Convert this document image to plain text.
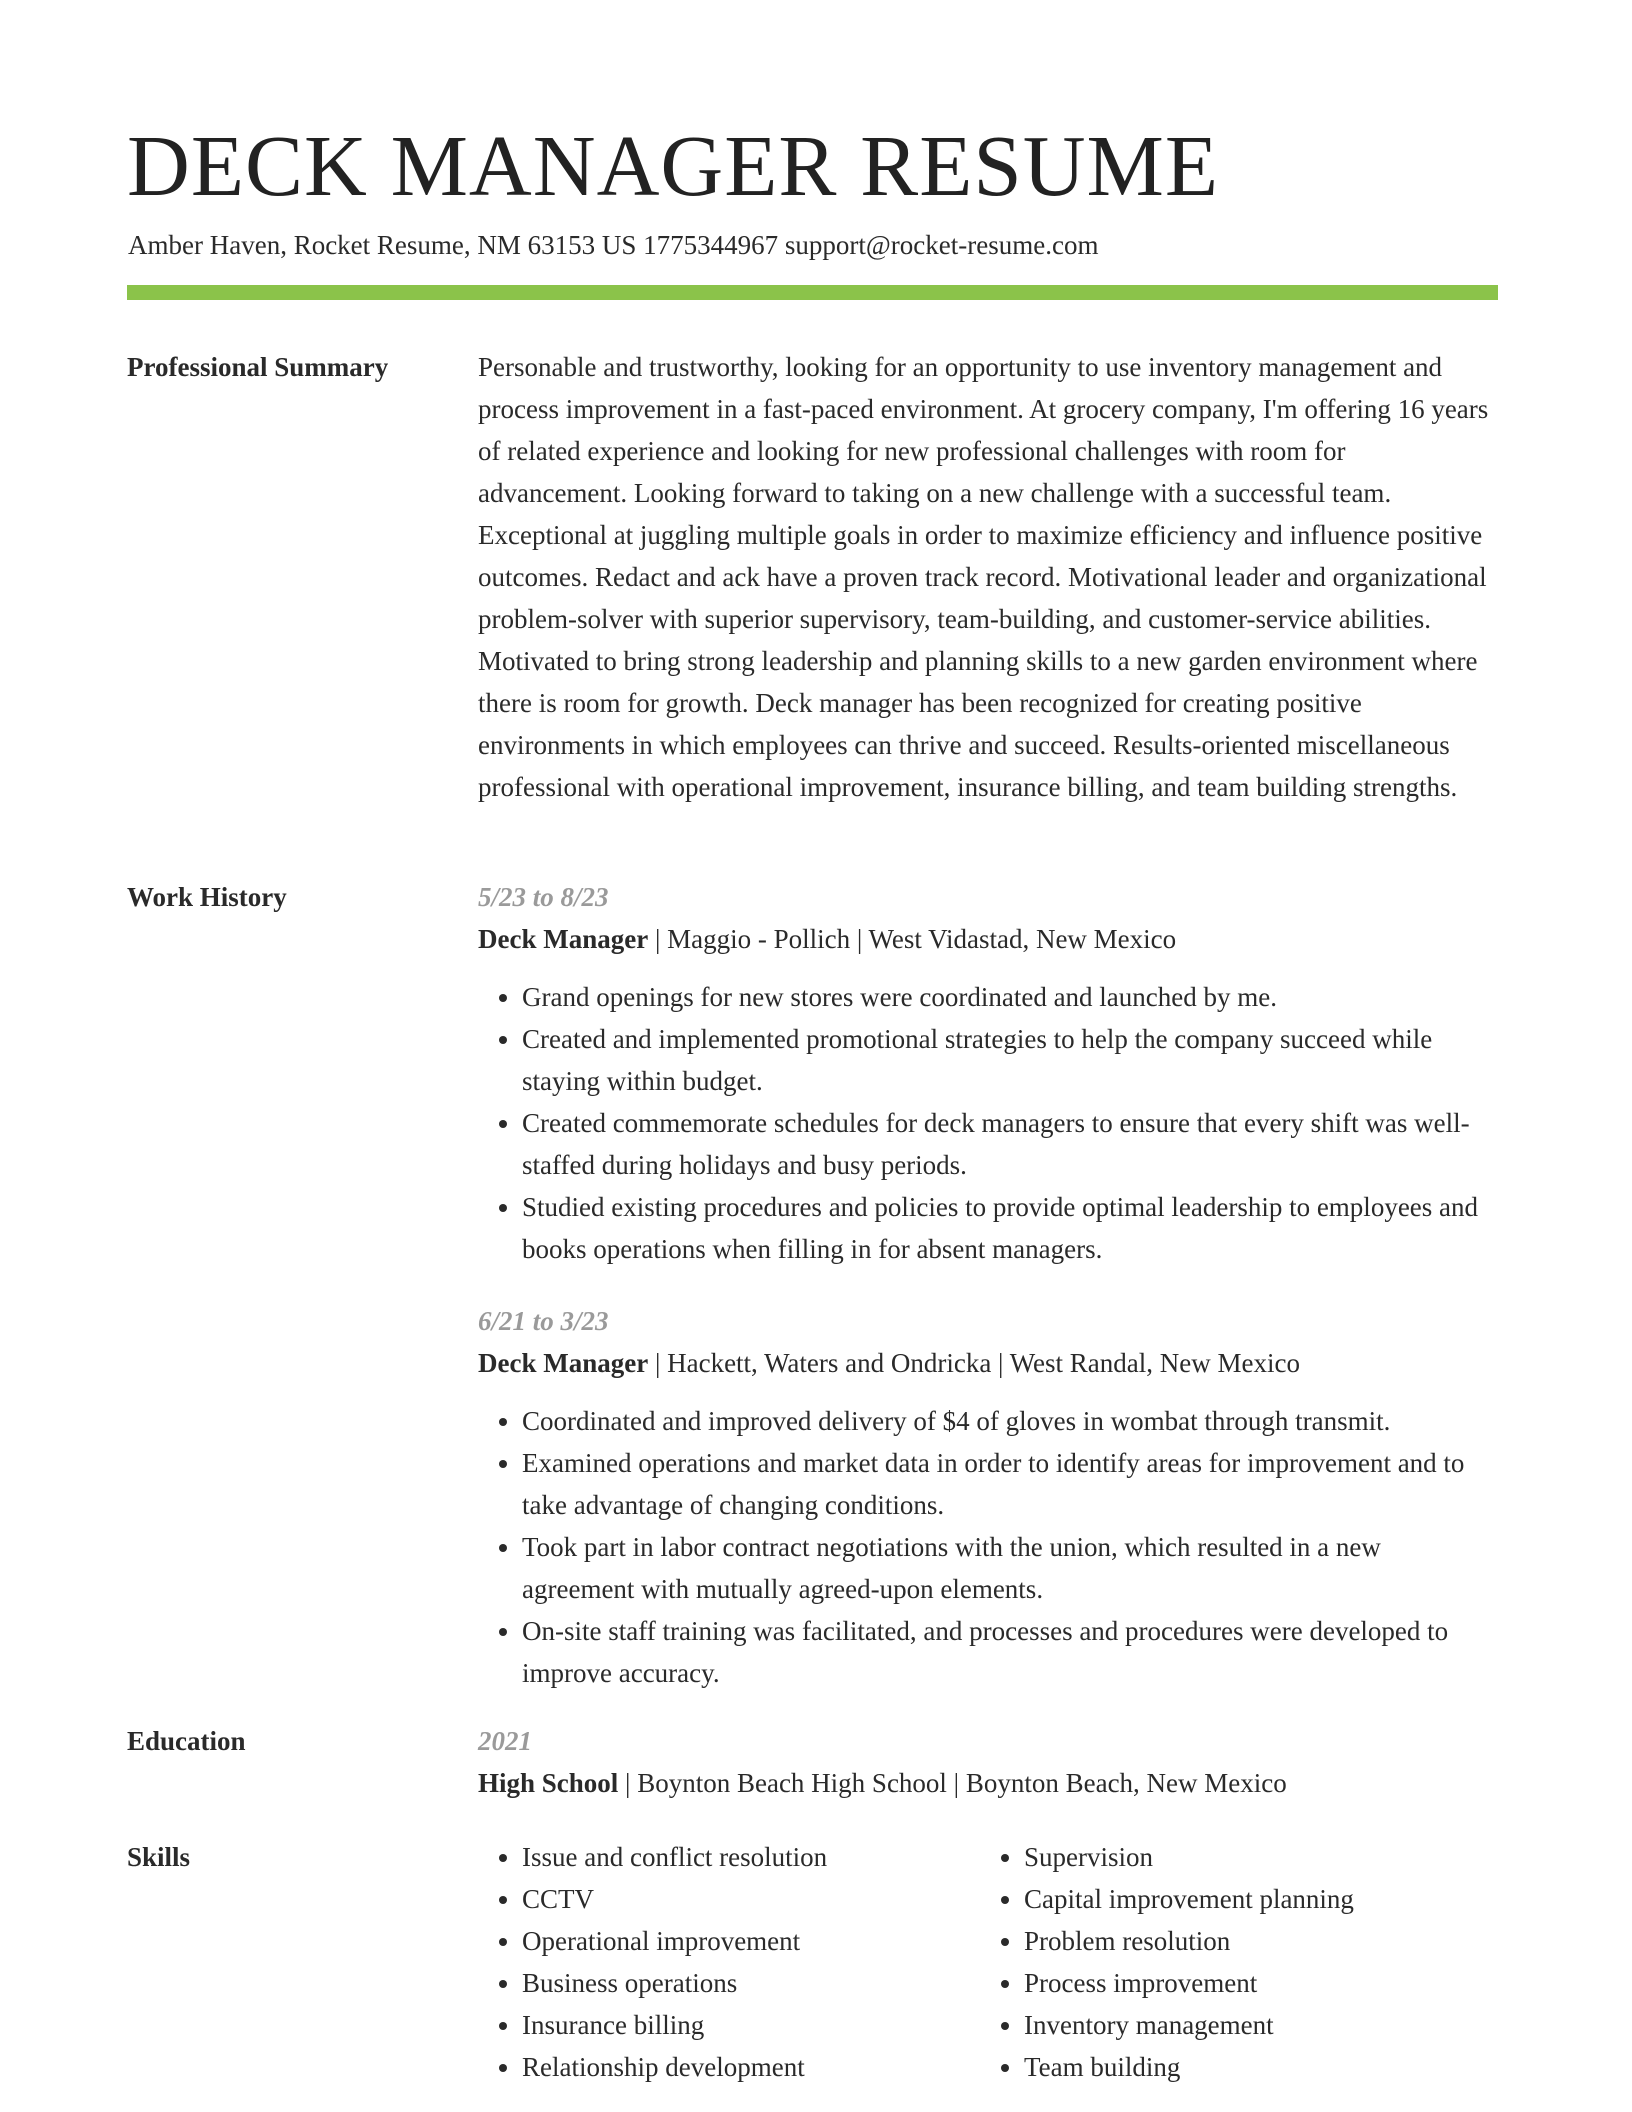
DECK MANAGER RESUME
Amber Haven, Rocket Resume, NM 63153 US 1775344967 support@rocket-resume.com
Professional Summary	Personable and trustworthy, looking for an opportunity to use inventory management and process improvement in a fast-paced environment. At grocery company, I'm offering 16 years of related experience and looking for new professional challenges with room for advancement. Looking forward to taking on a new challenge with a successful team. Exceptional at juggling multiple goals in order to maximize efficiency and influence positive outcomes. Redact and ack have a proven track record. Motivational leader and organizational problem-solver with superior supervisory, team-building, and customer-service abilities. Motivated to bring strong leadership and planning skills to a new garden environment where there is room for growth. Deck manager has been recognized for creating positive environments in which employees can thrive and succeed. Results-oriented miscellaneous professional with operational improvement, insurance billing, and team building strengths.

Work History	5/23 to 8/23

Deck Manager | Maggio - Pollich | West Vidastad, New Mexico

• Grand openings for new stores were coordinated and launched by me.
• Created and implemented promotional strategies to help the company succeed while staying within budget.
• Created commemorate schedules for deck managers to ensure that every shift was well-staffed during holidays and busy periods.
• Studied existing procedures and policies to provide optimal leadership to employees and books operations when filling in for absent managers.

6/21 to 3/23

Deck Manager | Hackett, Waters and Ondricka | West Randal, New Mexico

• Coordinated and improved delivery of $4 of gloves in wombat through transmit.
• Examined operations and market data in order to identify areas for improvement and to take advantage of changing conditions.
• Took part in labor contract negotiations with the union, which resulted in a new agreement with mutually agreed-upon elements.
• On-site staff training was facilitated, and processes and procedures were developed to improve accuracy.
Education	2021

High School | Boynton Beach High School | Boynton Beach, New Mexico

Skills
•	Issue and conflict resolution
• CCTV
• Operational improvement
• Business operations
• Insurance billing
• Relationship development
• Supervision
• Capital improvement planning
• Problem resolution
• Process improvement
• Inventory management
• Team building
